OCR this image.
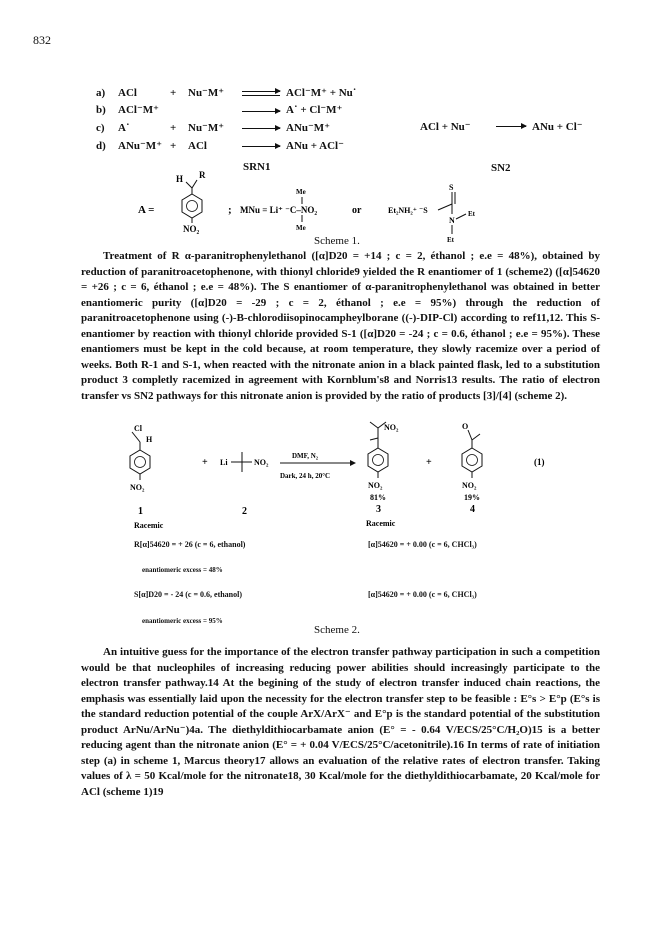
832
a) ACl	+ Nu⁻M⁺	ACl⁻M⁺ + Nu˙
b) ACl⁻M⁺	→ A˙ + Cl⁻M⁺
c) A˙	+ Nu⁻M⁺ → ANu⁻M⁺
d) ANu⁻M⁺ + ACl → ANu + ACl⁻
SRN1
ACl + Nu⁻	ANu + Cl⁻
SN2
A =
H R
NO₂
; MNu = Li⁺ ⁻C–NO₂
Me
Me
or	Et₂NH₂⁺ ⁻S
S
N
Et
Et
Scheme 1.

Treatment of R α-paranitrophenylethanol ([α]D20 = +14 ; c = 2, éthanol ; e.e = 48%), obtained by reduction of paranitroacetophenone, with thionyl chloride9 yielded the R enantiomer of 1 (scheme2) ([α]54620 = +26 ; c = 6, éthanol ; e.e = 48%). The S enantiomer of α-paranitrophenylethanol was obtained in better enantiomeric purity ([α]D20 = -29 ; c = 2, éthanol ; e.e = 95%) through the reduction of paranitroacetophenone using (-)-B-chlorodiisopinocampheylborane ((-)-DIP-Cl) according to ref11,12. This S-enantiomer by reaction with thionyl chloride provided S-1 ([α]D20 = -24 ; c = 0.6, éthanol ; e.e = 95%). These enantiomers must be kept in the cold because, at room temperature, they slowly racemize over a period of weeks. Both R-1 and S-1, when reacted with the nitronate anion in a black painted flask, led to a substitution product 3 completly racemized in agreement with Kornblum's8 and Norris13 results. The ratio of electron transfer vs SN2 pathways for this nitronate anion is provided by the ratio of products [3]/[4] (scheme 2).

Cl
H
NO₂
+ Li	NO₂
DMF, N₂
Dark, 24 h, 20°C
NO₂
NO₂
81%
+
O
NO₂
19%
(1)
1	2	3	4
Racemic	Racemic
R[α]54620 = + 26 (c = 6, ethanol)
enantiomeric excess = 48%
S[α]D20 = - 24 (c = 0.6, ethanol)
enantiomeric excess = 95%
[α]54620 = + 0.00 (c = 6, CHCl₃)
[α]54620 = + 0.00 (c = 6, CHCl₃)
Scheme 2.

An intuitive guess for the importance of the electron transfer pathway participation in such a competition would be that nucleophiles of increasing reducing power abilities should increasingly participate to the electron transfer pathway.14 At the begining of the study of electron transfer induced chain reactions, the emphasis was essentially laid upon the necessity for the electron transfer step to be feasible : E°s > E°p (E°s is the standard reduction potential of the couple ArX/ArX⁻ and E°p is the standard potential of the substitution product ArNu/ArNu⁻)4a. The diethyldithiocarbamate anion (E° = - 0.64 V/ECS/25°C/H₂O)15 is a better reducing agent than the nitronate anion (E° = + 0.04 V/ECS/25°C/acetonitrile).16 In terms of rate of initiation step (a) in scheme 1, Marcus theory17 allows an evaluation of the relative rates of electron transfer. Taking values of λ = 50 Kcal/mole for the nitronate18, 30 Kcal/mole for the diethyldithiocarbamate, 20 Kcal/mole for ACl (scheme 1)19
